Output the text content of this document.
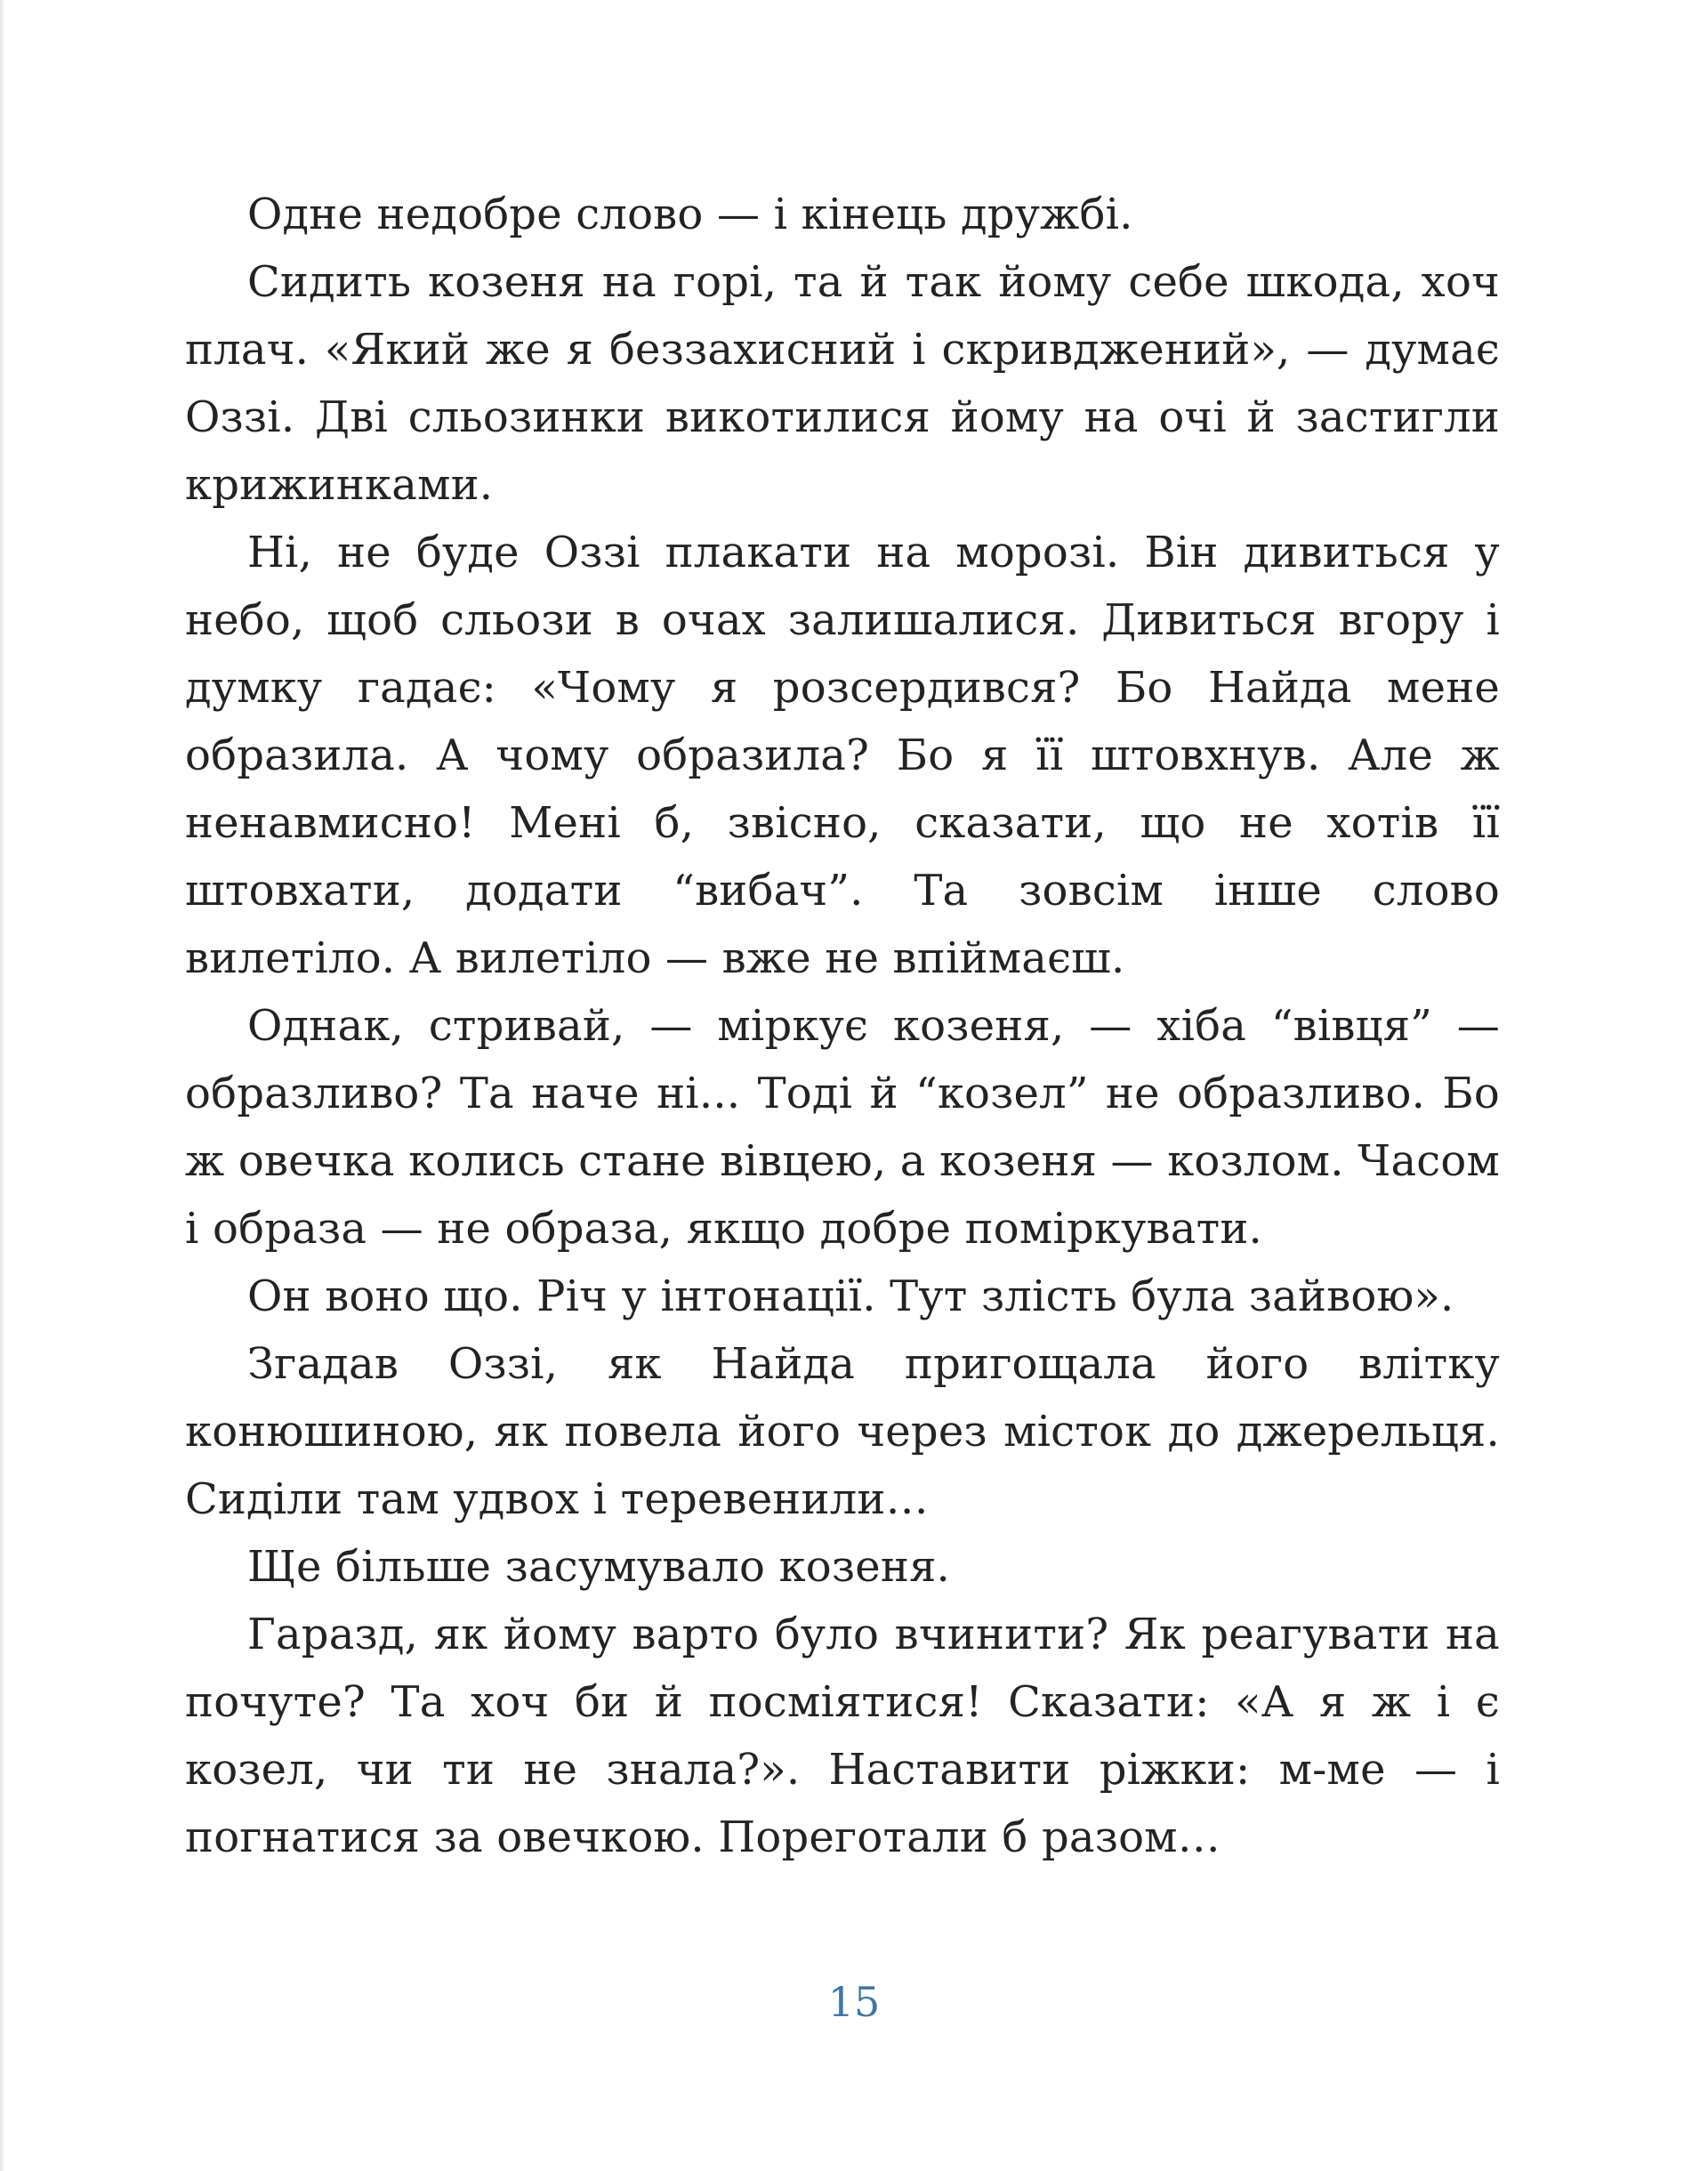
Одне недобре слово — і кінець дружбі.

Сидить козеня на горі, та й так йому себе шкода, хоч плач. «Який же я беззахисний і скривджений», — думає Оззі. Дві сльозинки викотилися йому на очі й застигли крижинками.

Ні, не буде Оззі плакати на морозі. Він дивиться у небо, щоб сльози в очах залишалися. Дивиться вгору і думку гадає: «Чому я розсердився? Бо Найда мене образила. А чому образила? Бо я її штовхнув. Але ж ненавмисно! Мені б, звісно, сказати, що не хотів її штовхати, додати “вибач”. Та зовсім інше слово вилетіло. А вилетіло — вже не впіймаєш.

Однак, стривай, — міркує козеня, — хіба “вівця” — образливо? Та наче ні... Тоді й “козел” не образливо. Бо ж овечка колись стане вівцею, а козеня — козлом. Часом і образа — не образа, якщо добре поміркувати.

Он воно що. Річ у інтонації. Тут злість була зайвою».

Згадав Оззі, як Найда пригощала його влітку конюшиною, як повела його через місток до джерельця. Сиділи там удвох і теревенили…

Ще більше засумувало козеня.

Гаразд, як йому варто було вчинити? Як реагувати на почуте? Та хоч би й посміятися! Сказати: «А я ж і є козел, чи ти не знала?». Наставити ріжки: м-ме — і погнатися за овечкою. Пореготали б разом…

15
